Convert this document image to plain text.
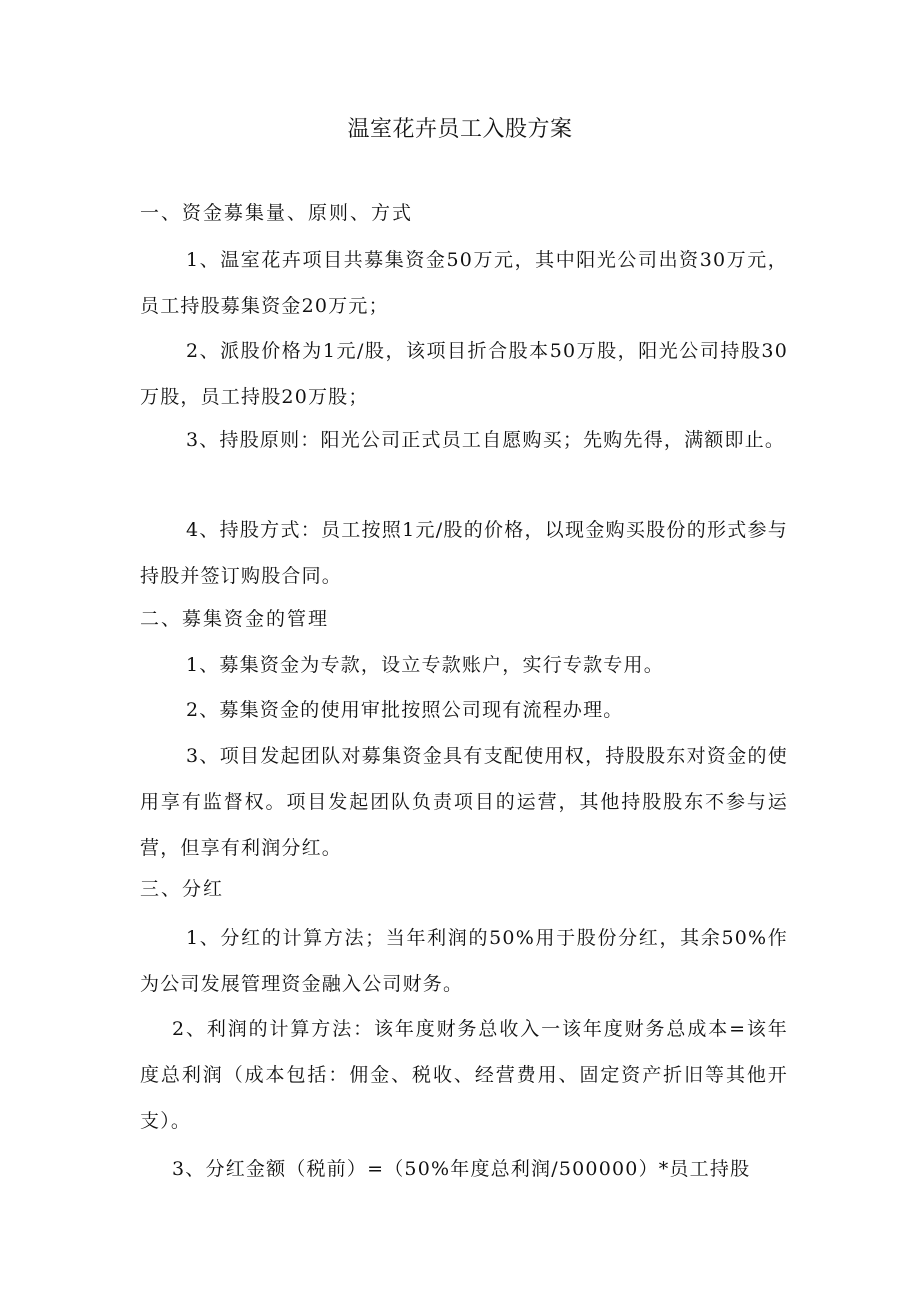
温室花卉员工入股方案
一、资金募集量、原则、方式
1、温室花卉项目共募集资金50万元，其中阳光公司出资30万元，员工持股募集资金20万元；
2、派股价格为1元/股，该项目折合股本50万股，阳光公司持股30万股，员工持股20万股；
3、持股原则：阳光公司正式员工自愿购买；先购先得，满额即止。
4、持股方式：员工按照1元/股的价格，以现金购买股份的形式参与持股并签订购股合同。
二、募集资金的管理
1、募集资金为专款，设立专款账户，实行专款专用。
2、募集资金的使用审批按照公司现有流程办理。
3、项目发起团队对募集资金具有支配使用权，持股股东对资金的使用享有监督权。项目发起团队负责项目的运营，其他持股股东不参与运营，但享有利润分红。
三、分红
1、分红的计算方法；当年利润的50%用于股份分红，其余50%作为公司发展管理资金融入公司财务。
2、利润的计算方法：该年度财务总收入一该年度财务总成本=该年度总利润（成本包括：佣金、税收、经营费用、固定资产折旧等其他开支）。
3、分红金额（税前）=（50%年度总利润/500000）*员工持股
